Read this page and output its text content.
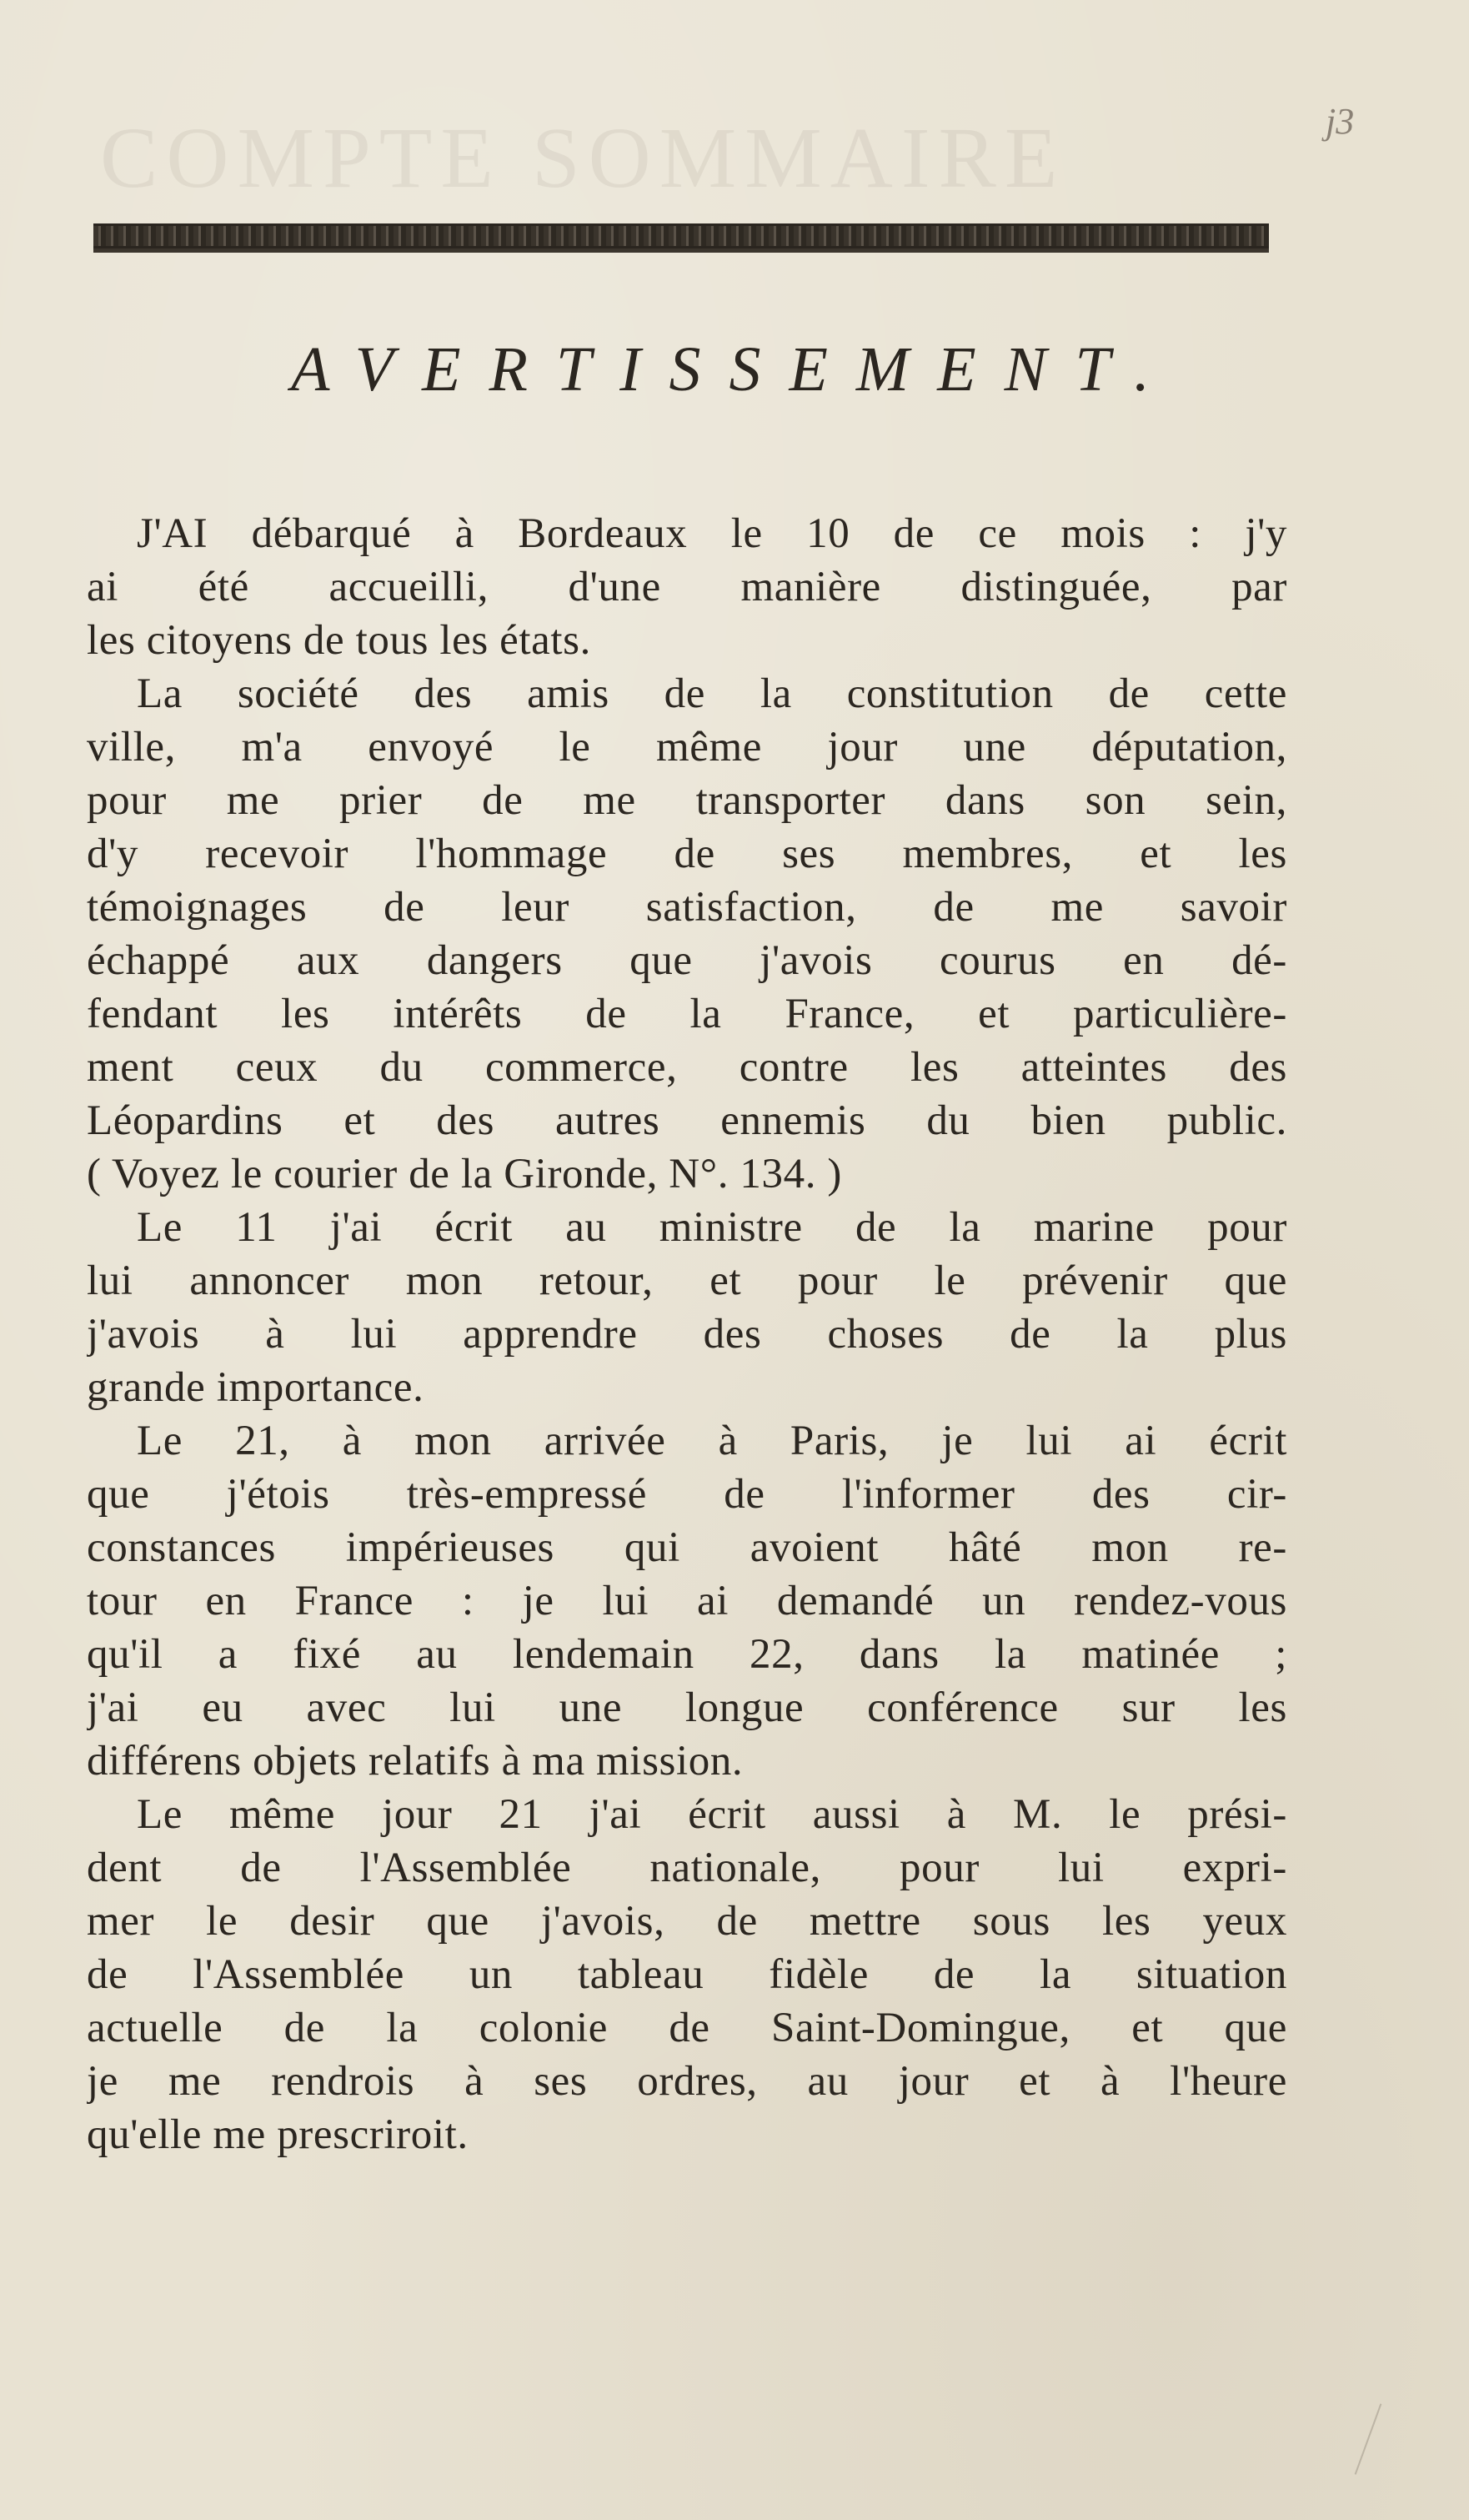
COMPTE SOMMAIRE	j3
AVERTISSEMENT.

J'AI débarqué à Bordeaux le 10 de ce mois : j'y
ai été accueilli, d'une manière distinguée, par
les citoyens de tous les états.

La société des amis de la constitution de cette
ville, m'a envoyé le même jour une députation,
pour me prier de me transporter dans son sein,
d'y recevoir l'hommage de ses membres, et les
témoignages de leur satisfaction, de me savoir
échappé aux dangers que j'avois courus en dé-
fendant les intérêts de la France, et particulière-
ment ceux du commerce, contre les atteintes des
Léopardins et des autres ennemis du bien public.
( Voyez le courier de la Gironde, N°. 134. )

Le 11 j'ai écrit au ministre de la marine pour
lui annoncer mon retour, et pour le prévenir que
j'avois à lui apprendre des choses de la plus
grande importance.

Le 21, à mon arrivée à Paris, je lui ai écrit
que j'étois très-empressé de l'informer des cir-
constances impérieuses qui avoient hâté mon re-
tour en France : je lui ai demandé un rendez-vous
qu'il a fixé au lendemain 22, dans la matinée ;
j'ai eu avec lui une longue conférence sur les
différens objets relatifs à ma mission.

Le même jour 21 j'ai écrit aussi à M. le prési-
dent de l'Assemblée nationale, pour lui expri-
mer le desir que j'avois, de mettre sous les yeux
de l'Assemblée un tableau fidèle de la situation
actuelle de la colonie de Saint-Domingue, et que
je me rendrois à ses ordres, au jour et à l'heure
qu'elle me prescriroit.
